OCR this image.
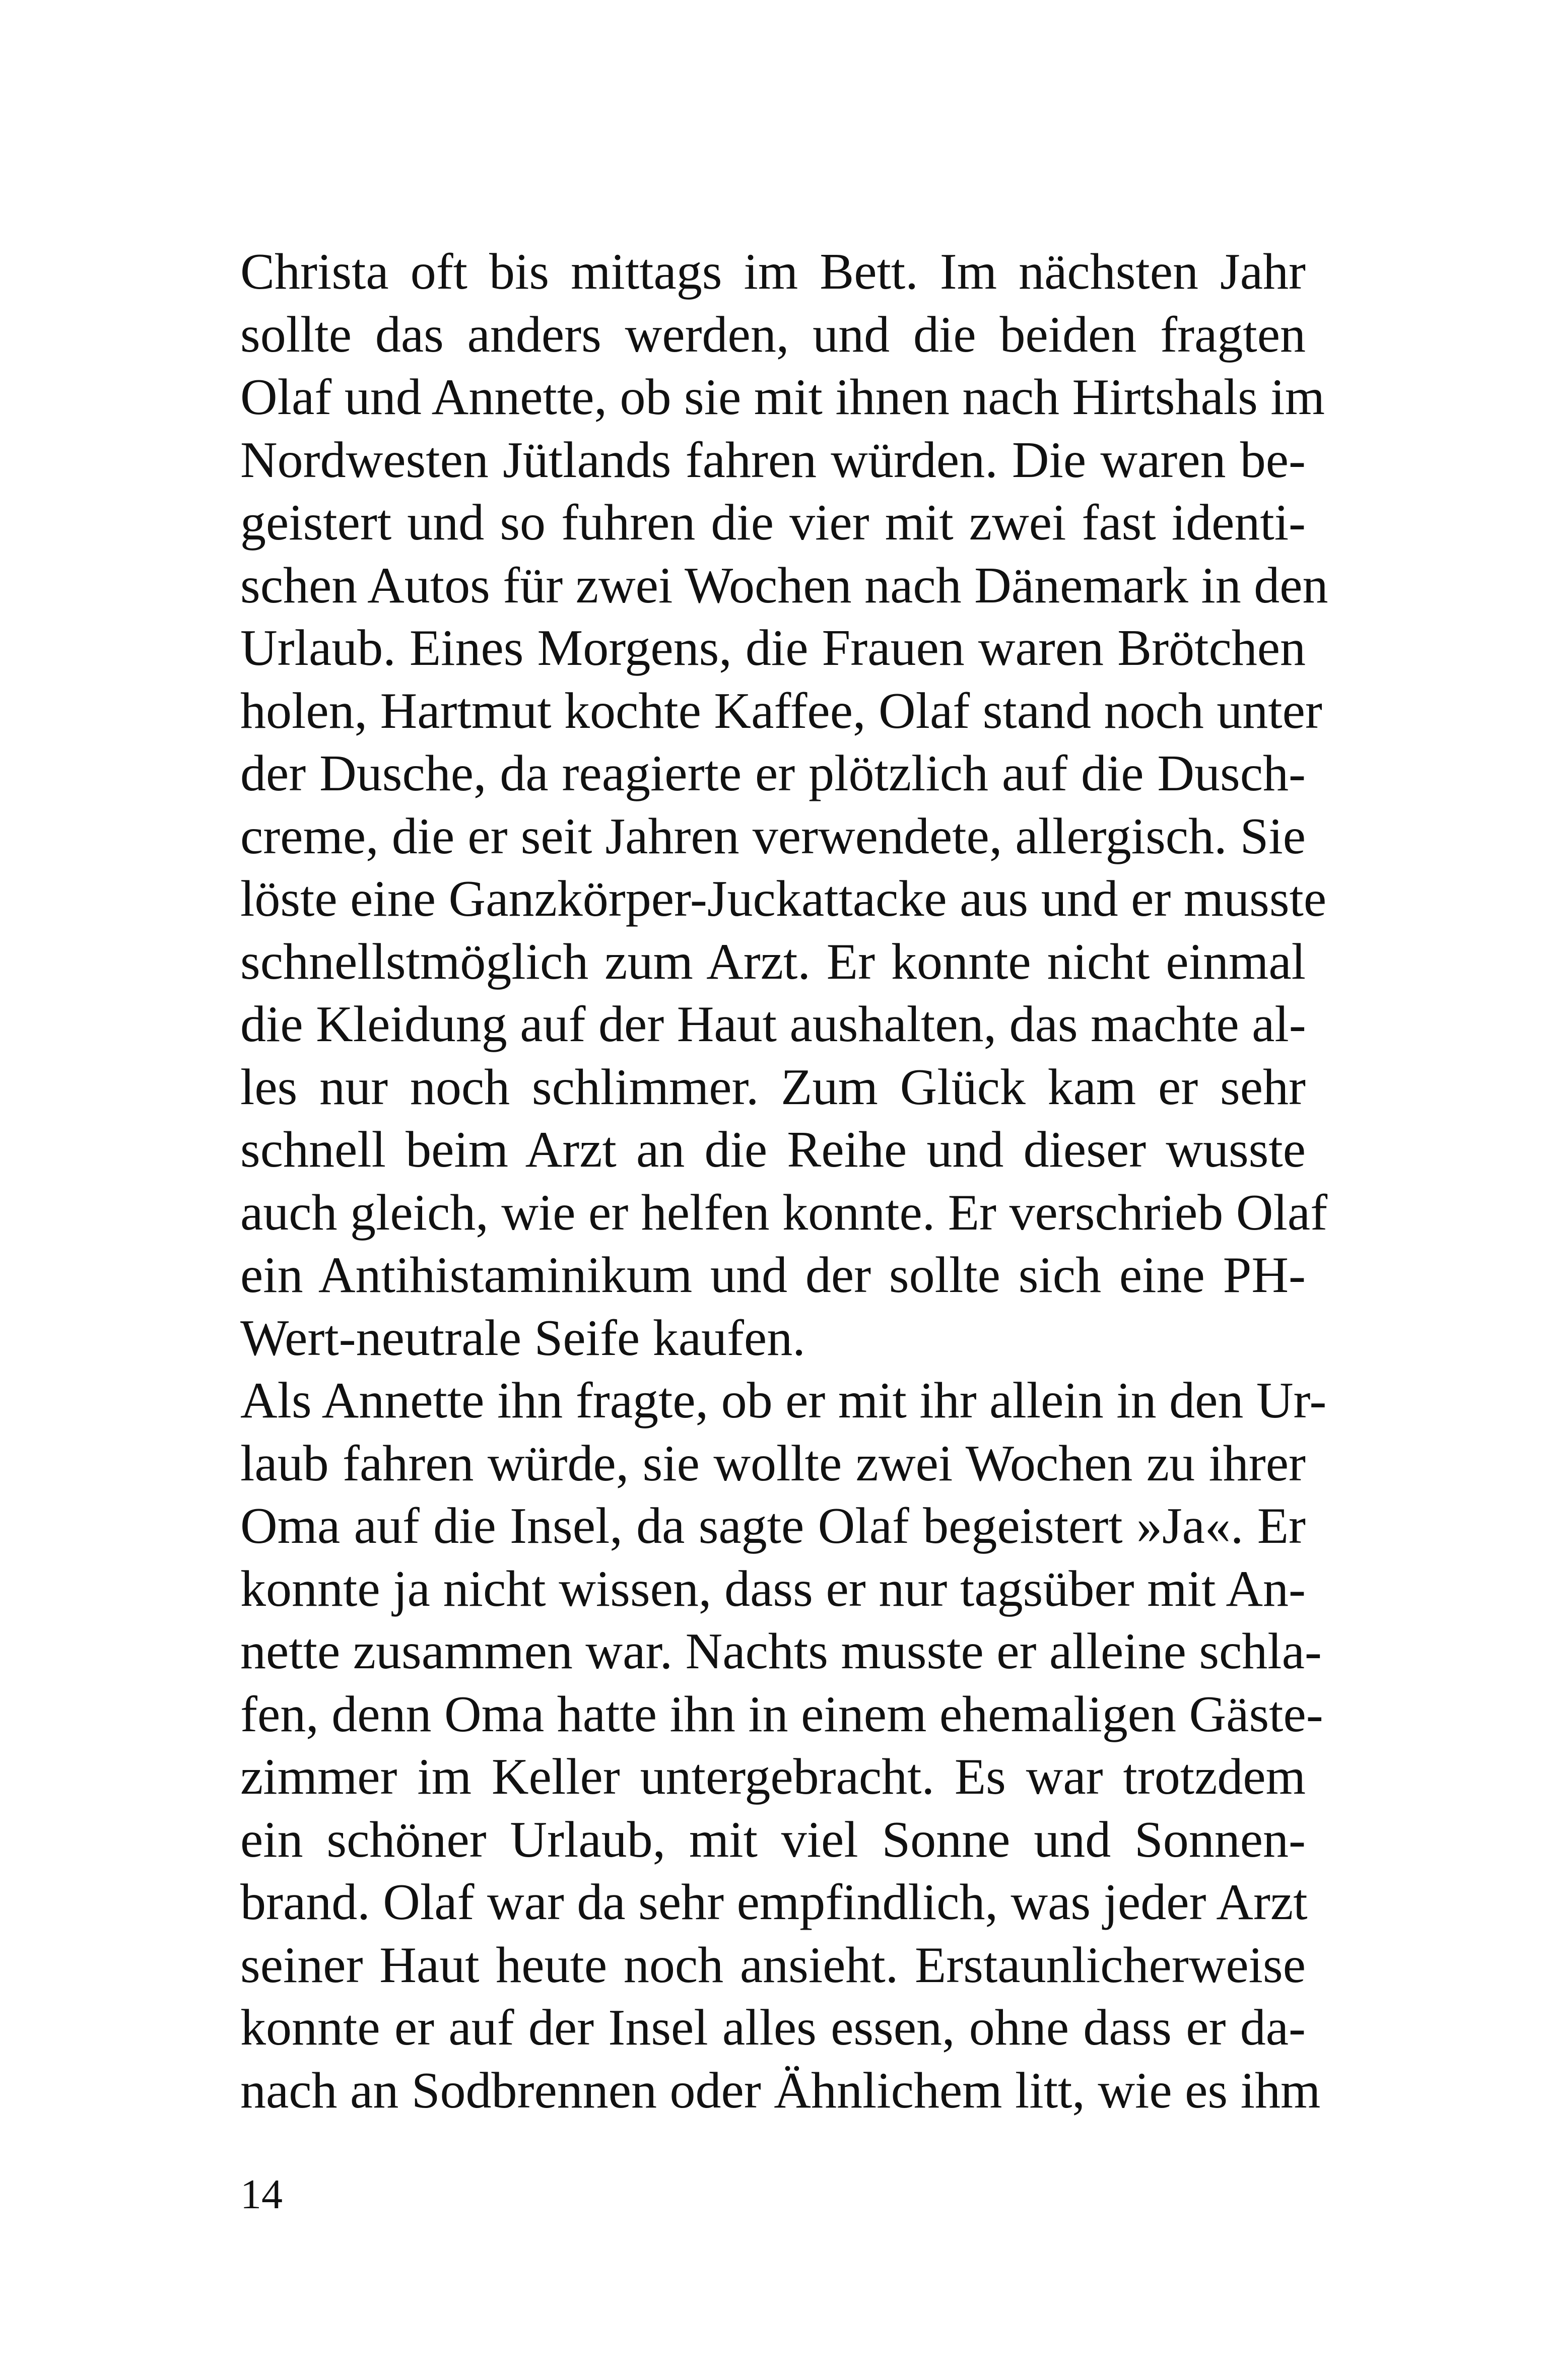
Christa oft bis mittags im Bett. Im nächsten Jahr
sollte das anders werden, und die beiden fragten
Olaf und Annette, ob sie mit ihnen nach Hirtshals im
Nordwesten Jütlands fahren würden. Die waren be-
geistert und so fuhren die vier mit zwei fast identi-
schen Autos für zwei Wochen nach Dänemark in den
Urlaub. Eines Morgens, die Frauen waren Brötchen
holen, Hartmut kochte Kaffee, Olaf stand noch unter
der Dusche, da reagierte er plötzlich auf die Dusch-
creme, die er seit Jahren verwendete, allergisch. Sie
löste eine Ganzkörper-Juckattacke aus und er musste
schnellstmöglich zum Arzt. Er konnte nicht einmal
die Kleidung auf der Haut aushalten, das machte al-
les nur noch schlimmer. Zum Glück kam er sehr
schnell beim Arzt an die Reihe und dieser wusste
auch gleich, wie er helfen konnte. Er verschrieb Olaf
ein Antihistaminikum und der sollte sich eine PH-
Wert-neutrale Seife kaufen.
Als Annette ihn fragte, ob er mit ihr allein in den Ur-
laub fahren würde, sie wollte zwei Wochen zu ihrer
Oma auf die Insel, da sagte Olaf begeistert »Ja«. Er
konnte ja nicht wissen, dass er nur tagsüber mit An-
nette zusammen war. Nachts musste er alleine schla-
fen, denn Oma hatte ihn in einem ehemaligen Gäste-
zimmer im Keller untergebracht. Es war trotzdem
ein schöner Urlaub, mit viel Sonne und Sonnen-
brand. Olaf war da sehr empfindlich, was jeder Arzt
seiner Haut heute noch ansieht. Erstaunlicherweise
konnte er auf der Insel alles essen, ohne dass er da-
nach an Sodbrennen oder Ähnlichem litt, wie es ihm
14
